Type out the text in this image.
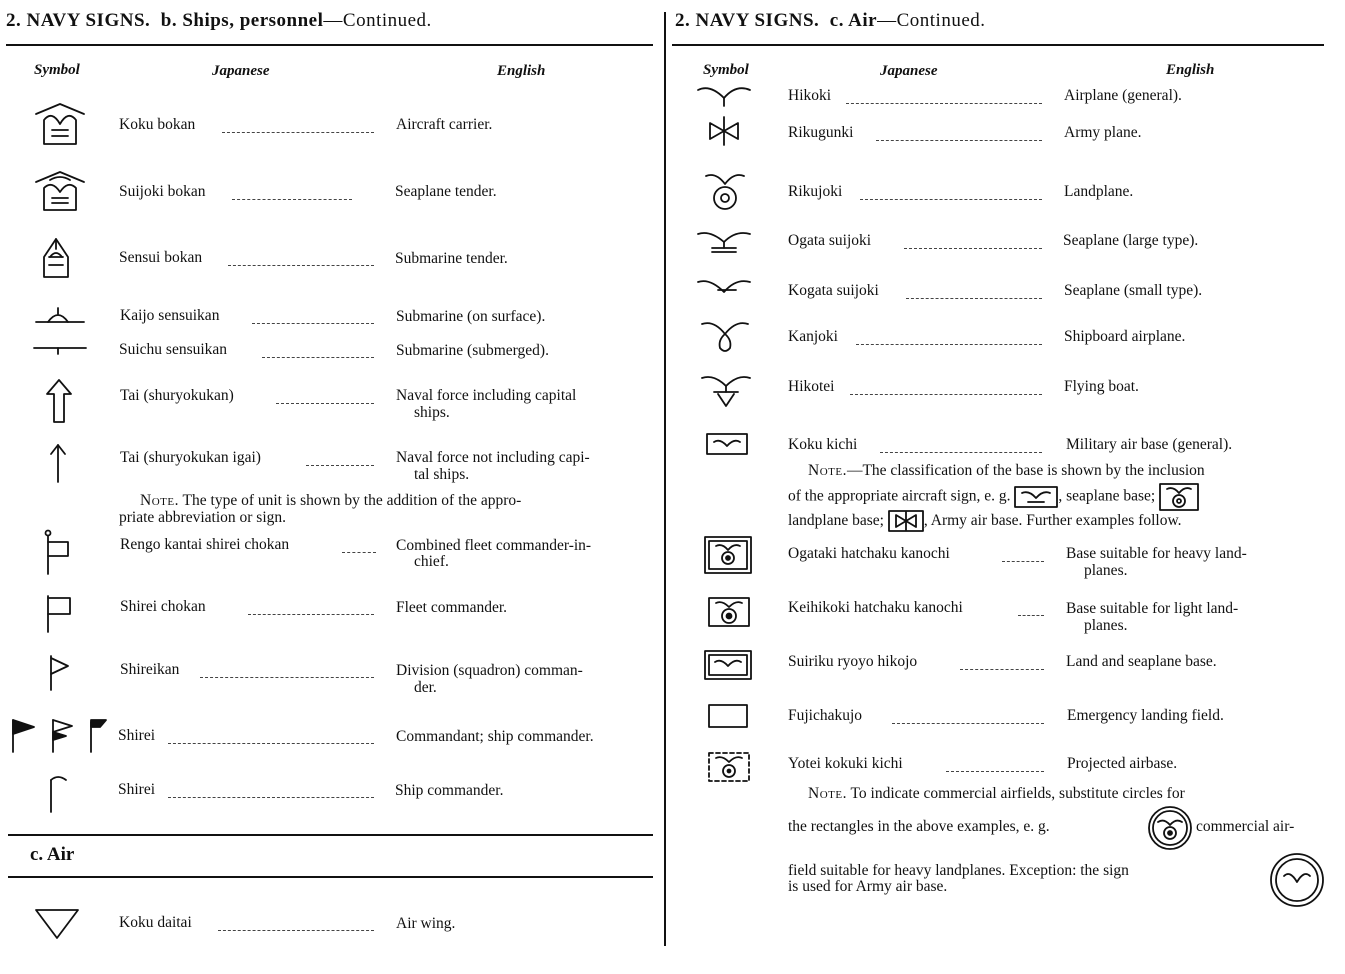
2. NAVY SIGNS. b. Ships, personnel—Continued.
Symbol	Japanese	English
Koku bokan	Aircraft carrier.
Suijoki bokan	Seaplane tender.
Sensui bokan	Submarine tender.
Kaijo sensuikan	Submarine (on surface).
Suichu sensuikan	Submarine (submerged).
Tai (shuryokukan)	Naval force including capital
ships.
Tai (shuryokukan igai)	Naval force not including capi-
tal ships.
Note. The type of unit is shown by the addition of the appro-
priate abbreviation or sign.
Rengo kantai shirei chokan	Combined fleet commander-in-
chief.
Shirei chokan	Fleet commander.
Shireikan	Division (squadron) comman-
der.
Shirei	Commandant; ship commander.
Shirei	Ship commander.
c. Air
Koku daitai	Air wing.
2. NAVY SIGNS. c. Air—Continued.
Symbol	Japanese	English
Hikoki	Airplane (general).
Rikugunki	Army plane.
Rikujoki	Landplane.
Ogata suijoki	Seaplane (large type).
Kogata suijoki	Seaplane (small type).
Kanjoki	Shipboard airplane.
Hikotei	Flying boat.
Koku kichi	Military air base (general).
Note.—The classification of the base is shown by the inclusion
of the appropriate aircraft sign, e. g.	, seaplane base;
landplane base;	, Army air base. Further examples follow.
Ogataki hatchaku kanochi	Base suitable for heavy land-
planes.
Keihikoki hatchaku kanochi	Base suitable for light land-
planes.
Suiriku ryoyo hikojo	Land and seaplane base.
Fujichakujo	Emergency landing field.
Yotei kokuki kichi	Projected airbase.
Note. To indicate commercial airfields, substitute circles for
the rectangles in the above examples, e. g.	commercial air-
field suitable for heavy landplanes. Exception: the sign
is used for Army air base.
